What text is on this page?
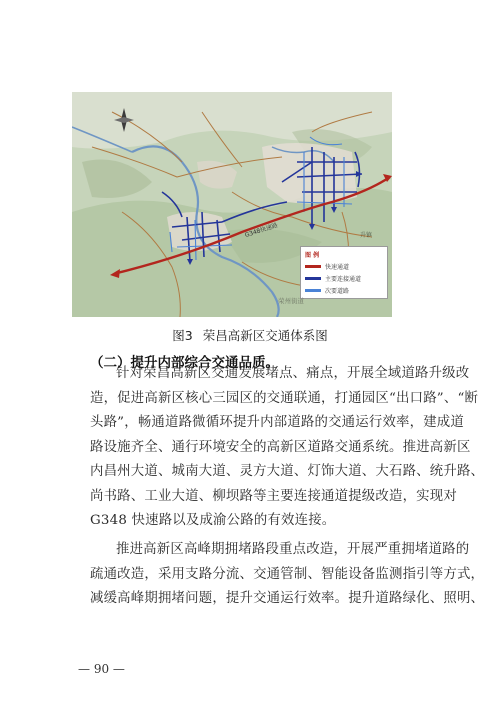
G348快速路	升镇
图 例
快速通道
主要连接通道
次要道路
荣州街道
图3 荣昌高新区交通体系图
（二）提升内部综合交通品质。
针对荣昌高新区交通发展堵点、痛点，开展全域道路升级改
造，促进高新区核心三园区的交通联通，打通园区“出口路”、“断
头路”，畅通道路微循环提升内部道路的交通运行效率，建成道
路设施齐全、通行环境安全的高新区道路交通系统。推进高新区
内昌州大道、城南大道、灵方大道、灯饰大道、大石路、统升路、
尚书路、工业大道、柳坝路等主要连接通道提级改造，实现对
G348 快速路以及成渝公路的有效连接。
推进高新区高峰期拥堵路段重点改造，开展严重拥堵道路的
疏通改造，采用支路分流、交通管制、智能设备监测指引等方式，
减缓高峰期拥堵问题，提升交通运行效率。提升道路绿化、照明、
— 90 —
